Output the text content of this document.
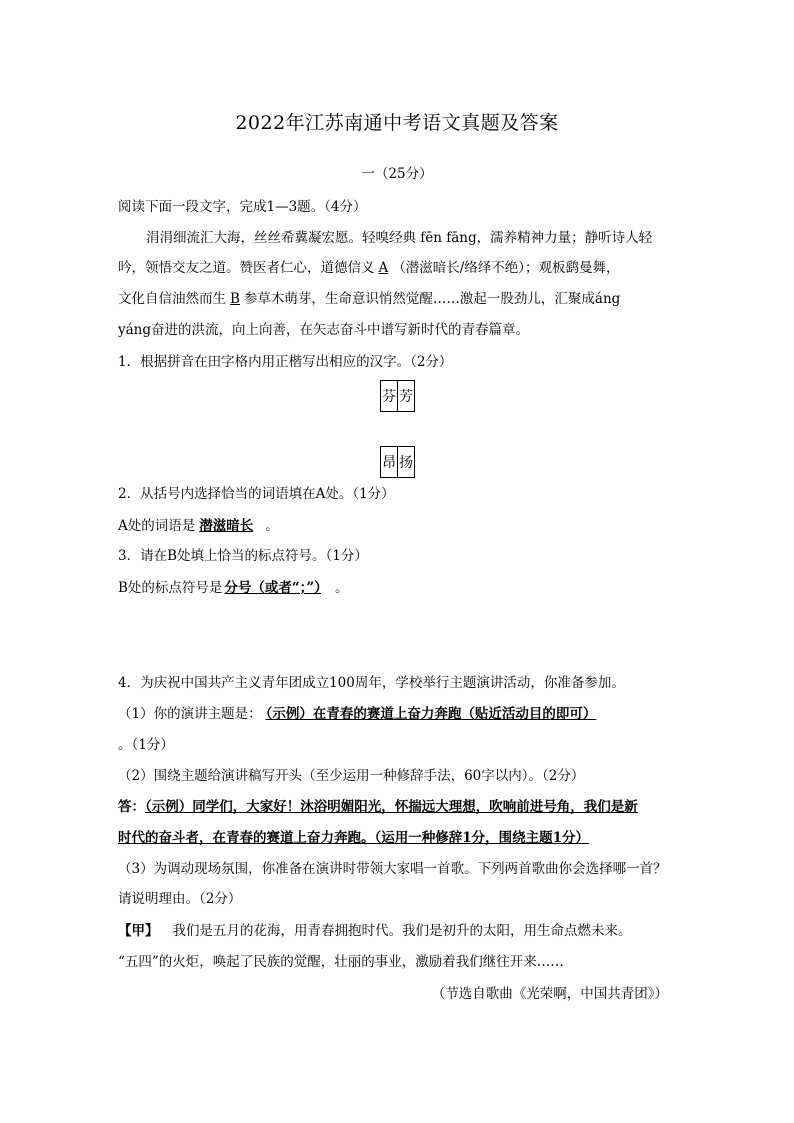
2022年江苏南通中考语文真题及答案
一（25分）
阅读下面一段文字，完成1—3题。（4分）
涓涓细流汇大海，丝丝希冀凝宏愿。轻嗅经典 fēn fāng，濡养精神力量；静听诗人轻
吟，领悟交友之道。赞医者仁心，道德信义 A （潜滋暗长/络绎不绝）；观板鹞曼舞，
文化自信油然而生 B 参草木萌芽，生命意识悄然觉醒……激起一股劲儿，汇聚成áng
yáng奋进的洪流，向上向善，在矢志奋斗中谱写新时代的青春篇章。
1．根据拼音在田字格内用正楷写出相应的汉字。（2分）
芬 芳
昂 扬
2．从括号内选择恰当的词语填在A处。（1分）
A处的词语是 潜滋暗长 。
3．请在B处填上恰当的标点符号。（1分）
B处的标点符号是 分号（或者“；”） 。
4．为庆祝中国共产主义青年团成立100周年，学校举行主题演讲活动，你准备参加。
（1）你的演讲主题是： （示例）在青春的赛道上奋力奔跑（贴近活动目的即可）
。（1分）
（2）围绕主题给演讲稿写开头（至少运用一种修辞手法，60字以内）。（2分）
答：（示例）同学们，大家好！沐浴明媚阳光，怀揣远大理想，吹响前进号角，我们是新
时代的奋斗者，在青春的赛道上奋力奔跑。（运用一种修辞1分，围绕主题1分）
（3）为调动现场氛围，你准备在演讲时带领大家唱一首歌。下列两首歌曲你会选择哪一首？
请说明理由。（2分）
【甲】 我们是五月的花海，用青春拥抱时代。我们是初升的太阳，用生命点燃未来。
“五四”的火炬，唤起了民族的觉醒，壮丽的事业，激励着我们继往开来……
（节选自歌曲《光荣啊，中国共青团》）
